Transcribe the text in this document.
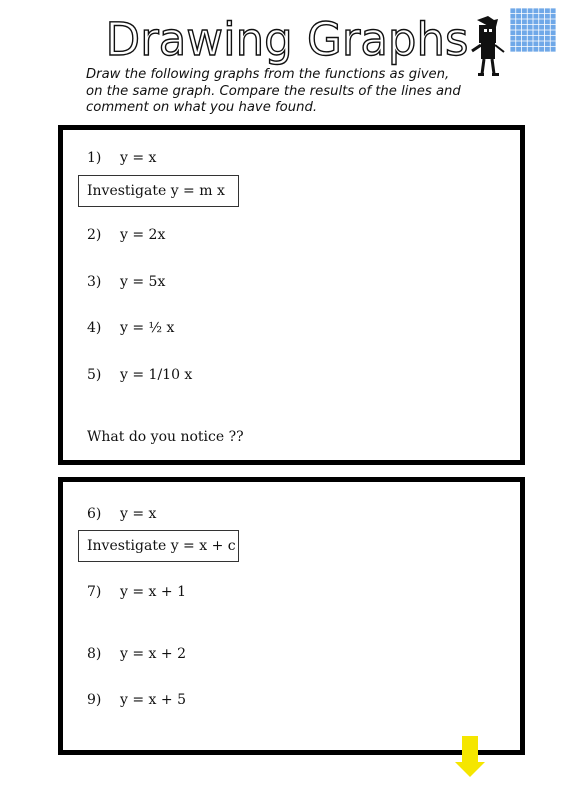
Drawing Graphs
Draw the following graphs from the functions as given,
on the same graph. Compare the results of the lines and
comment on what you have found.
1) y = x
Investigate y = m x
2) y = 2x
3) y = 5x
4) y = ½ x
5) y = 1/10 x
What do you notice ??
6) y = x
Investigate y = x + c
7) y = x + 1
8) y = x + 2
9) y = x + 5
